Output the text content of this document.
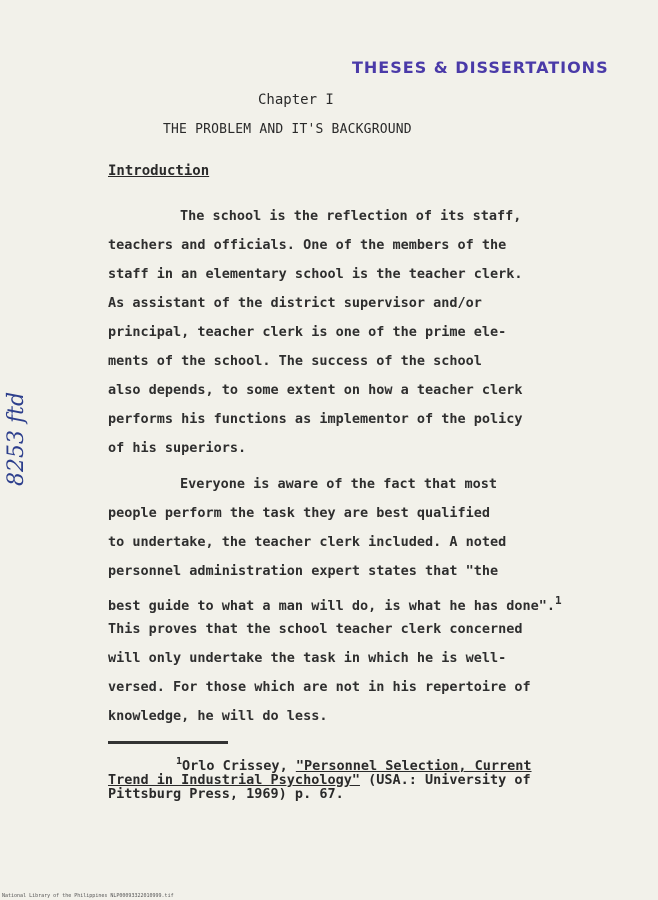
THESES & DISSERTATIONS
Chapter I
THE PROBLEM AND IT'S BACKGROUND
Introduction
The school is the reflection of its staff,
teachers and officials. One of the members of the
staff in an elementary school is the teacher clerk.
As assistant of the district supervisor and/or
principal, teacher clerk is one of the prime ele-
ments of the school. The success of the school
also depends, to some extent on how a teacher clerk
performs his functions as implementor of the policy
of his superiors.
Everyone is aware of the fact that most
people perform the task they are best qualified
to undertake, the teacher clerk included. A noted
personnel administration expert states that "the
best guide to what a man will do, is what he has done".$^1$
This proves that the school teacher clerk concerned
will only undertake the task in which he is well-
versed. For those which are not in his repertoire of
knowledge, he will do less.
$^1$Orlo Crissey, "Personnel Selection, Current
Trend in Industrial Psychology" (USA.: University of
Pittsburg Press, 1969) p. 67.
8253 ftd
National Library of the Philippines NLP00093322010999.tif
